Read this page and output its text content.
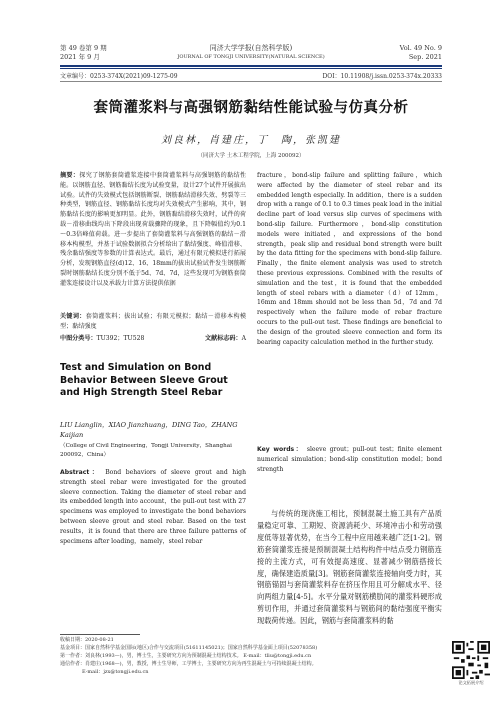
第 49 卷第 9 期
2021 年 9 月
同济大学学报(自然科学版)
JOURNAL OF TONGJI UNIVERSITY(NATURAL SCIENCE)
Vol. 49 No. 9
Sep. 2021
文章编号：0253-374X(2021)09-1275-09	DOI：10.11908/j.issn.0253-374x.20333
套筒灌浆料与高强钢筋黏结性能试验与仿真分析
刘良林，肖建庄，丁　陶，张凯建
（同济大学 土木工程学院，上海 200092）
摘要：探究了钢筋套筒灌浆连接中套筒灌浆料与高强钢筋的黏结性能。以钢筋直径、钢筋黏结长度为试验变量，设计27个试件开展拔出试验。试件的失效模式包括钢筋断裂、钢筋黏结滑移失效、劈裂等三种类型，钢筋直径、钢筋黏结长度均对失效模式产生影响，其中，钢筋黏结长度的影响更加明显。此外，钢筋黏结滑移失效时，试件的荷载－滑移曲线均出下降段出现荷载骤降的现象，且下降幅值约为0.1～0.3倍峰值荷载。进一步提出了套筒灌浆料与高强钢筋的黏结－滑移本构模型，并基于试验数据拟合分析给出了黏结强度、峰值滑移、残余黏结强度等参数的计算表达式。最后，通过有限元模拟进行拓展分析，发现钢筋直径(d)12、16、18mm的拔出试验试件发生钢筋断裂时钢筋黏结长度分别不低于5d、7d、7d，这些发现可为钢筋套筒灌浆连接设计以及承载力计算方法提供依据
关键词：套筒灌浆料；拔出试验；有限元模拟；黏结－滑移本构模型；黏结强度
中图分类号：TU392；TU528	文献标志码：A
Test and Simulation on Bond Behavior Between Sleeve Grout and High Strength Steel Rebar
LIU Lianglin，XIAO Jianzhuang，DING Tao，ZHANG Kaijian
（College of Civil Engineering，Tongji University，Shanghai 200092，China）
Abstract： Bond behaviors of sleeve grout and high strength steel rebar were investigated for the grouted sleeve connection. Taking the diameter of steel rebar and its embedded length into account，the pull-out test with 27 specimens was employed to investigate the bond behaviors between sleeve grout and steel rebar. Based on the test results，it is found that there are three failure patterns of specimens after loading，namely，steel rebar
fracture，bond-slip failure and splitting failure，which were affected by the diameter of steel rebar and its embedded length especially. In addition，there is a sudden drop with a range of 0.1 to 0.3 times peak load in the initial decline part of load versus slip curves of specimens with bond-slip failure. Furthermore，bond-slip constitution models were initiated，and expressions of the bond strength，peak slip and residual bond strength were built by the data fitting for the specimens with bond-slip failure. Finally，the finite element analysis was used to stretch these previous expressions. Combined with the results of simulation and the test，it is found that the embedded length of steel rebars with a diameter（d）of 12mm，16mm and 18mm should not be less than 5d，7d and 7d respectively when the failure mode of rebar fracture occurs to the pull-out test. These findings are beneficial to the design of the grouted sleeve connection and form its bearing capacity calculation method in the further study.
Key words： sleeve grout；pull-out test；finite element numerical simulation；bond-slip constitution model；bond strength
与传统的现浇施工相比，预制混凝土施工具有产品质量稳定可靠、工期短、资源消耗少、环境冲击小和劳动强度低等显著优势，在当今工程中应用越来越广泛[1-2]。钢筋套筒灌浆连接是预制混凝土结构构件中结点受力钢筋连接的主流方式，可有效提高速度、显著减少钢筋搭接长度，确保建造质量[3]。钢筋套筒灌浆连接轴向受力时，其钢筋锚固与套筒灌浆料存在挤压作用且可分解成水平、径向两组力量[4-5]。水平分量对钢筋横肋间的灌浆料硬形成剪切作用，并通过套筒灌浆料与钢筋间的黏结强度平衡实现载荷传递。因此，钢筋与套筒灌浆料的黏
收稿日期：2020-08-21
基金项目：国家自然科学基金国际(地区)合作与交流项目(51611145021)；国家自然科学基金面上项目(52078358)
第一作者：刘良林(1993—)，男，博士生，主要研究方向为预制混凝土结构技术。 E-mail：tliu@tongji.edu.cn
通信作者：肖建庄(1968—)，男，教授，博士生导师，工学博士，主要研究方向为再生混凝土与可持续混凝土结构。
E-mail：jzx@tongji.edu.cn
论文拓展介绍
